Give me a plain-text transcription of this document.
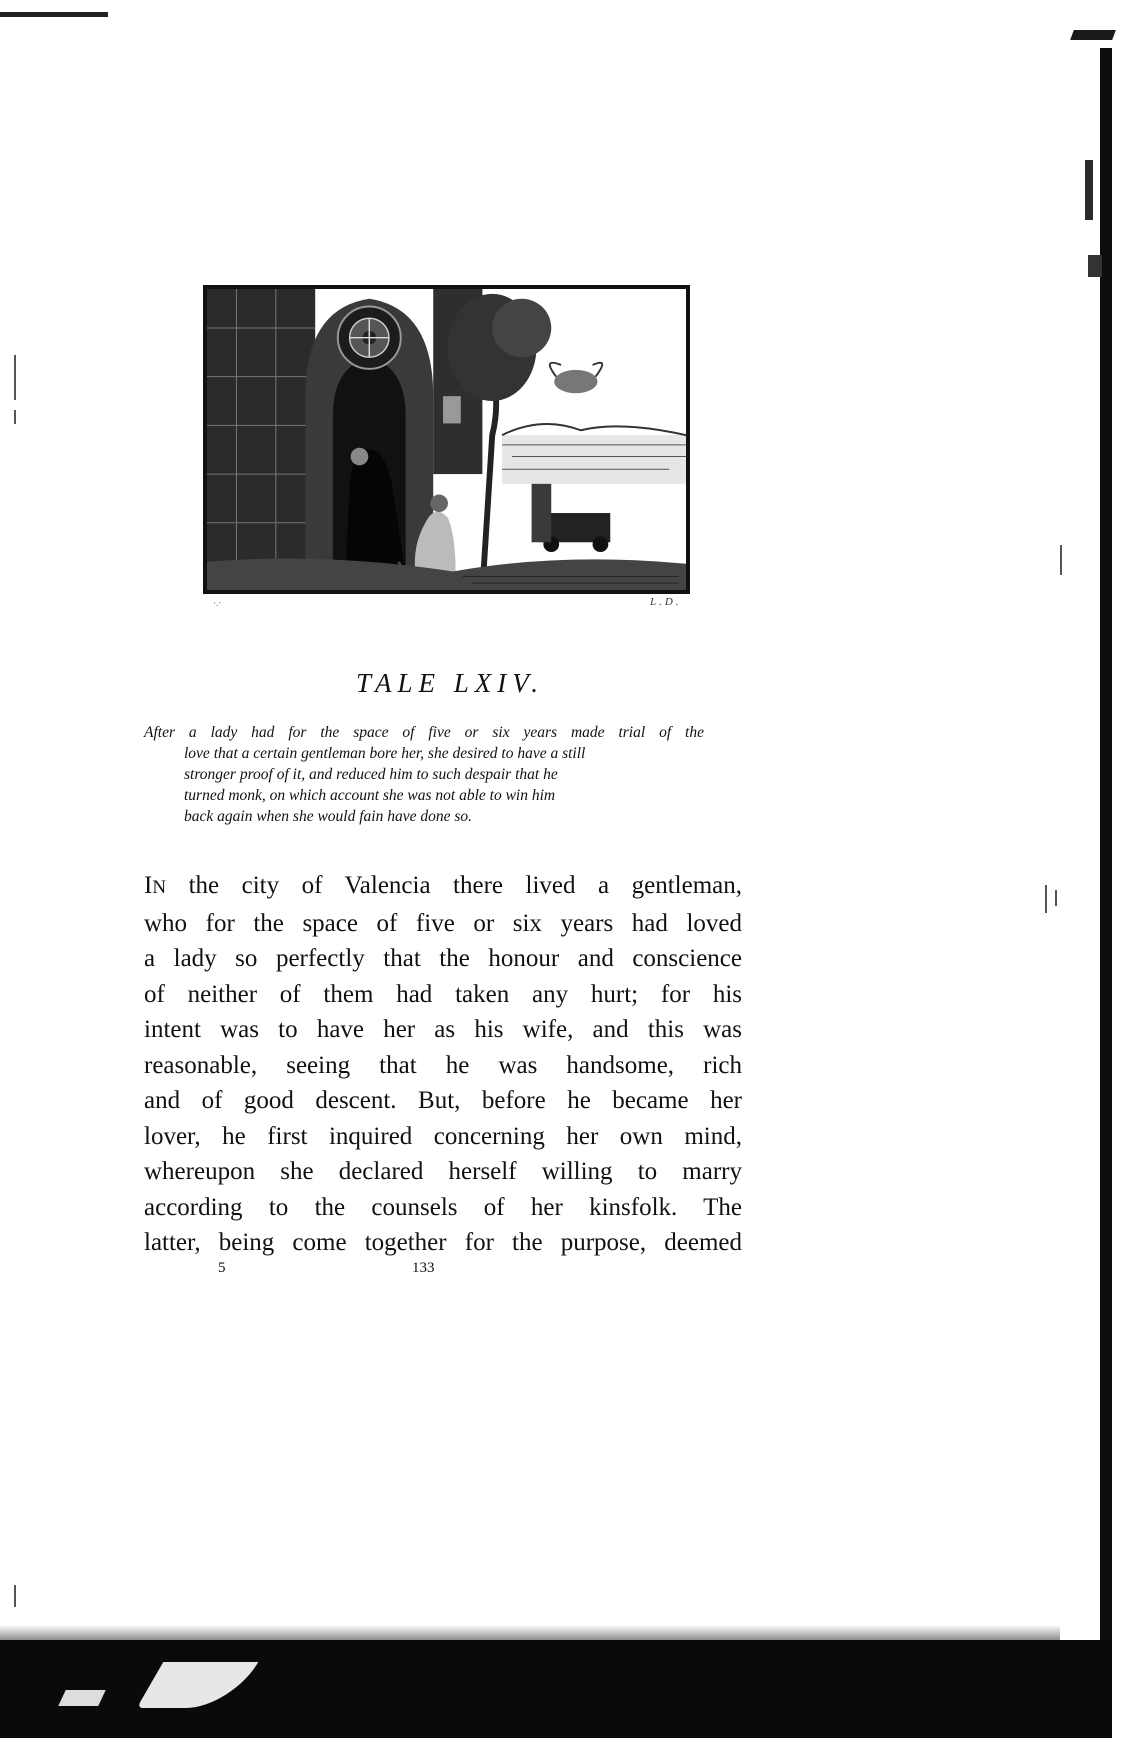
·.·	L.D.
TALE LXIV.
After a lady had for the space of five or six years made trial of the
love that a certain gentleman bore her, she desired to have a still
stronger proof of it, and reduced him to such despair that he
turned monk, on which account she was not able to win him
back again when she would fain have done so.
IN the city of Valencia there lived a gentleman,
who for the space of five or six years had loved
a lady so perfectly that the honour and conscience
of neither of them had taken any hurt; for his
intent was to have her as his wife, and this was
reasonable, seeing that he was handsome, rich
and of good descent. But, before he became her
lover, he first inquired concerning her own mind,
whereupon she declared herself willing to marry
according to the counsels of her kinsfolk. The
latter, being come together for the purpose, deemed
5	133
